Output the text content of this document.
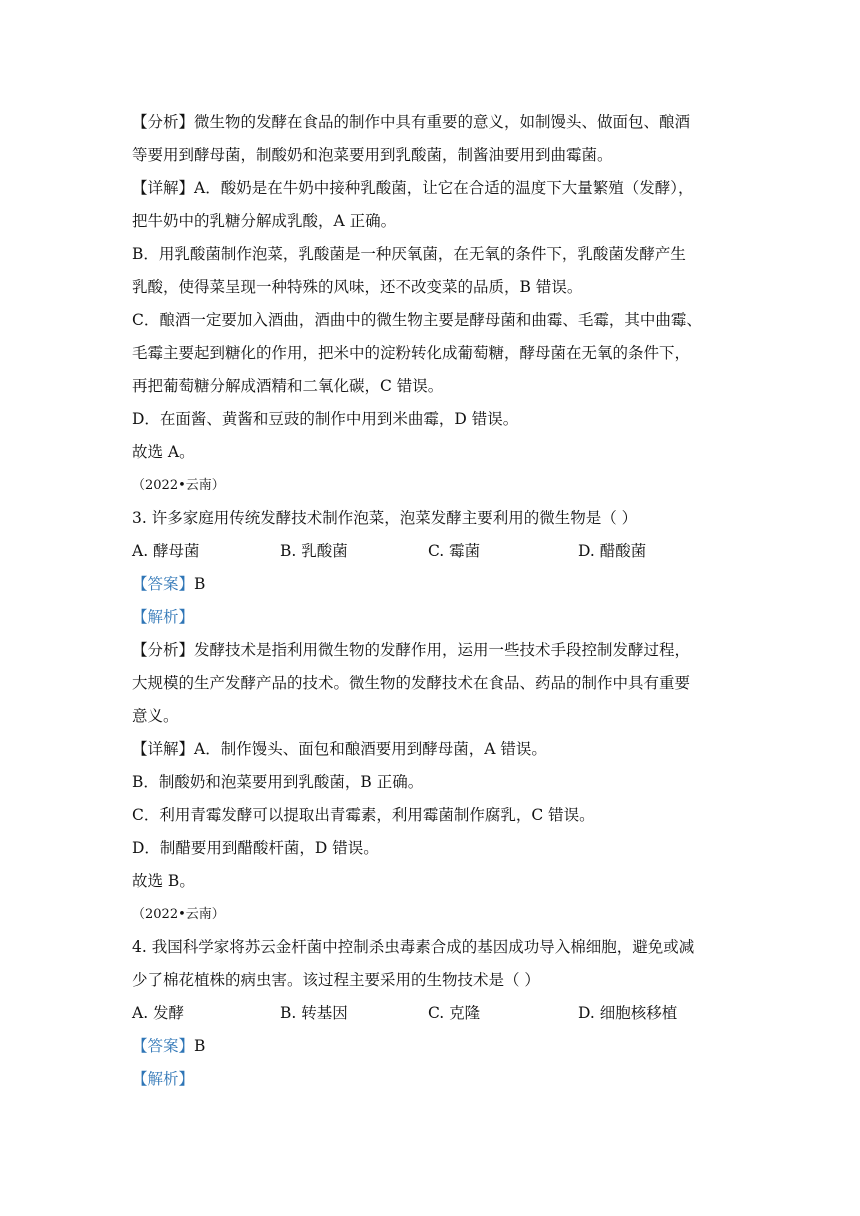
【分析】微生物的发酵在食品的制作中具有重要的意义，如制馒头、做面包、酿酒
等要用到酵母菌，制酸奶和泡菜要用到乳酸菌，制酱油要用到曲霉菌。

【详解】A．酸奶是在牛奶中接种乳酸菌，让它在合适的温度下大量繁殖（发酵），
把牛奶中的乳糖分解成乳酸，A 正确。

B．用乳酸菌制作泡菜，乳酸菌是一种厌氧菌，在无氧的条件下，乳酸菌发酵产生
乳酸，使得菜呈现一种特殊的风味，还不改变菜的品质，B 错误。

C．酿酒一定要加入酒曲，酒曲中的微生物主要是酵母菌和曲霉、毛霉，其中曲霉、
毛霉主要起到糖化的作用，把米中的淀粉转化成葡萄糖，酵母菌在无氧的条件下，
再把葡萄糖分解成酒精和二氧化碳，C 错误。

D．在面酱、黄酱和豆豉的制作中用到米曲霉，D 错误。

故选 A。

（2022•云南）

3. 许多家庭用传统发酵技术制作泡菜，泡菜发酵主要利用的微生物是（ ）

A. 酵母菌	B. 乳酸菌	C. 霉菌	D. 醋酸菌

【答案】B

【解析】

【分析】发酵技术是指利用微生物的发酵作用，运用一些技术手段控制发酵过程，
大规模的生产发酵产品的技术。微生物的发酵技术在食品、药品的制作中具有重要
意义。

【详解】A．制作馒头、面包和酿酒要用到酵母菌，A 错误。
B．制酸奶和泡菜要用到乳酸菌，B 正确。
C．利用青霉发酵可以提取出青霉素，利用霉菌制作腐乳，C 错误。
D．制醋要用到醋酸杆菌，D 错误。
故选 B。

（2022•云南）

4. 我国科学家将苏云金杆菌中控制杀虫毒素合成的基因成功导入棉细胞，避免或减
少了棉花植株的病虫害。该过程主要采用的生物技术是（ ）

A. 发酵	B. 转基因	C. 克隆	D. 细胞核移植

【答案】B

【解析】
